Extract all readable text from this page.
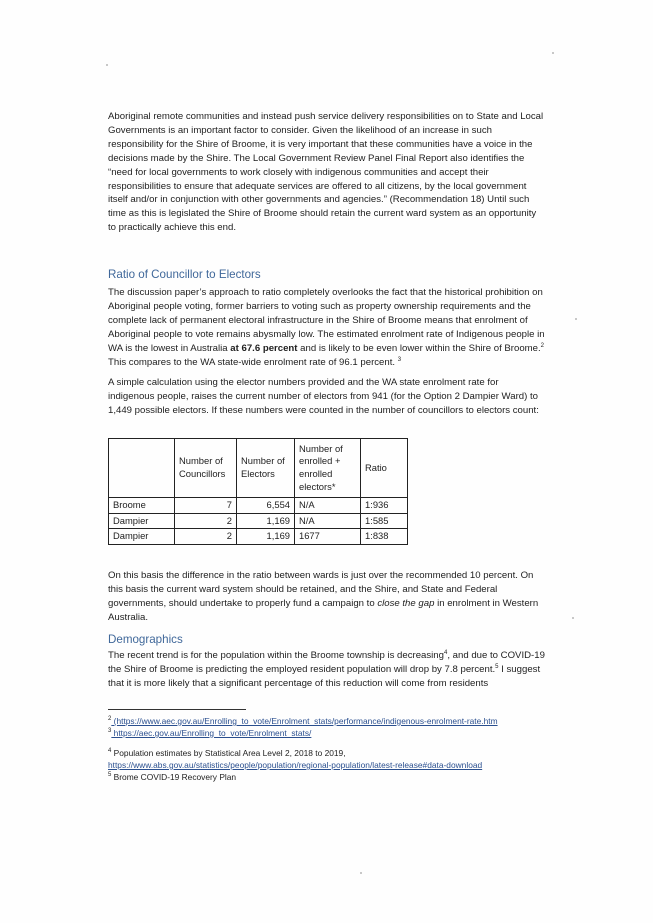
Aboriginal remote communities and instead push service delivery responsibilities on to State and Local Governments is an important factor to consider. Given the likelihood of an increase in such responsibility for the Shire of Broome, it is very important that these communities have a voice in the decisions made by the Shire. The Local Government Review Panel Final Report also identifies the “need for local governments to work closely with indigenous communities and accept their responsibilities to ensure that adequate services are offered to all citizens, by the local government itself and/or in conjunction with other governments and agencies.” (Recommendation 18) Until such time as this is legislated the Shire of Broome should retain the current ward system as an opportunity to practically achieve this end.

Ratio of Councillor to Electors

The discussion paper’s approach to ratio completely overlooks the fact that the historical prohibition on Aboriginal people voting, former barriers to voting such as property ownership requirements and the complete lack of permanent electoral infrastructure in the Shire of Broome means that enrolment of Aboriginal people to vote remains abysmally low. The estimated enrolment rate of Indigenous people in WA is the lowest in Australia at 67.6 percent and is likely to be even lower within the Shire of Broome.$^2$ This compares to the WA state-wide enrolment rate of 96.1 percent. $^3$

A simple calculation using the elector numbers provided and the WA state enrolment rate for indigenous people, raises the current number of electors from 941 (for the Option 2 Dampier Ward) to 1,449 possible electors. If these numbers were counted in the number of councillors to electors count:

	Number of Councillors	Number of Electors	Number of enrolled + enrolled electors*	Ratio
Broome	7	6,554	N/A	1:936
Dampier	2	1,169	N/A	1:585
Dampier	2	1,169	1677	1:838

On this basis the difference in the ratio between wards is just over the recommended 10 percent. On this basis the current ward system should be retained, and the Shire, and State and Federal governments, should undertake to properly fund a campaign to close the gap in enrolment in Western Australia.

Demographics

The recent trend is for the population within the Broome township is decreasing$^4$, and due to COVID-19 the Shire of Broome is predicting the employed resident population will drop by 7.8 percent.$^5$ I suggest that it is more likely that a significant percentage of this reduction will come from residents

$^2$ (https://www.aec.gov.au/Enrolling_to_vote/Enrolment_stats/performance/indigenous-enrolment-rate.htm
$^3$ https://aec.gov.au/Enrolling_to_vote/Enrolment_stats/
$^4$ Population estimates by Statistical Area Level 2, 2018 to 2019,
https://www.abs.gov.au/statistics/people/population/regional-population/latest-release#data-download
$^5$ Brome COVID-19 Recovery Plan
